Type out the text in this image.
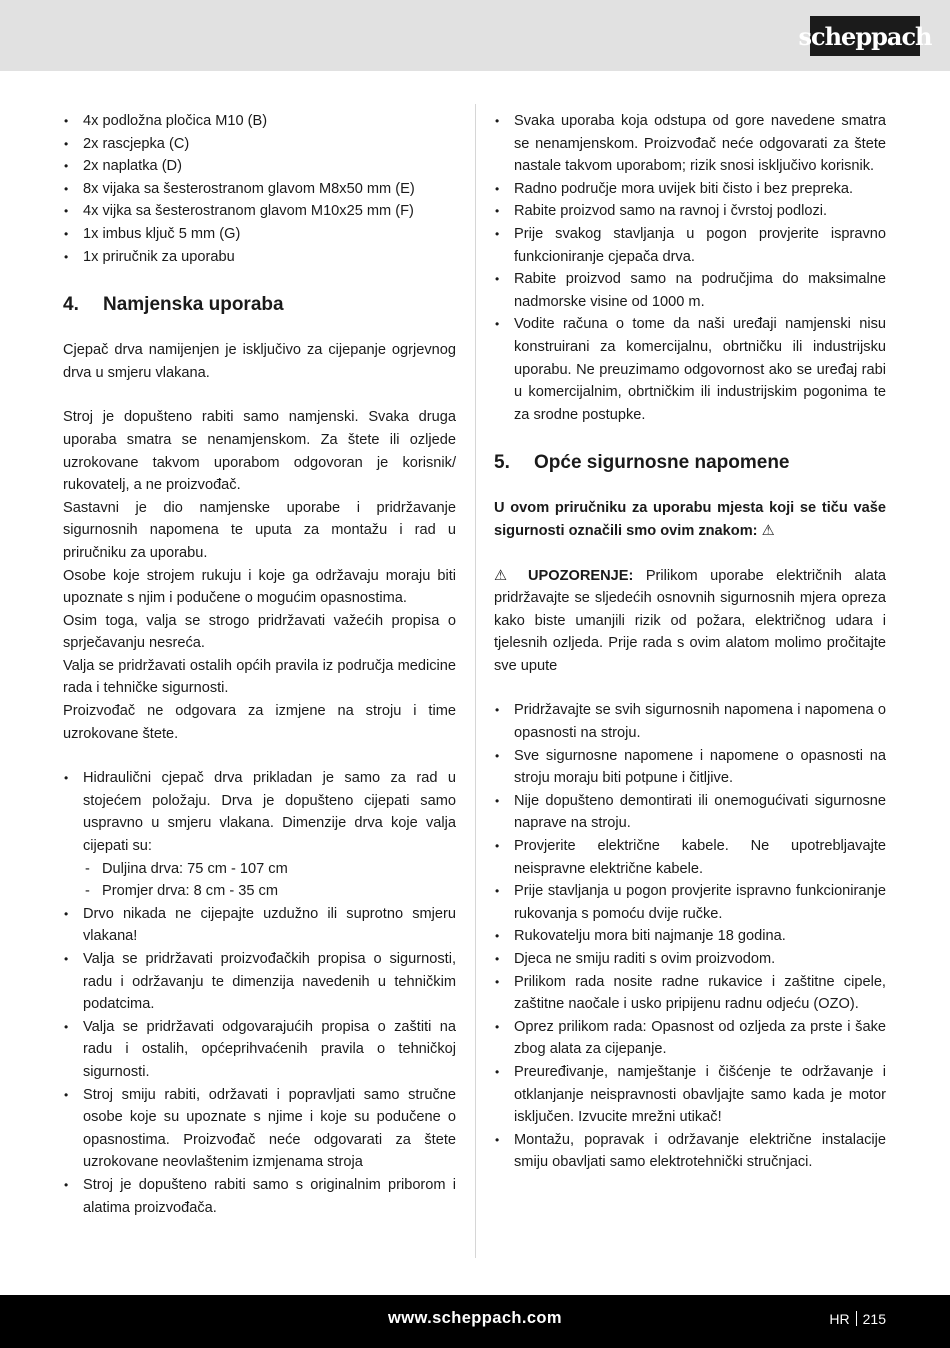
scheppach
• 4x podložna pločica M10 (B)
• 2x rascjepka (C)
• 2x naplatka (D)
• 8x vijaka sa šesterostranom glavom M8x50 mm (E)
• 4x vijka sa šesterostranom glavom M10x25 mm (F)
• 1x imbus ključ 5 mm (G)
• 1x priručnik za uporabu
4.	Namjenska uporaba

Cjepač drva namijenjen je isključivo za cijepanje ogrjevnog drva u smjeru vlakana.

Stroj je dopušteno rabiti samo namjenski. Svaka druga uporaba smatra se nenamjenskom. Za štete ili ozljede uzrokovane takvom uporabom odgovoran je korisnik/ rukovatelj, a ne proizvođač.

Sastavni je dio namjenske uporabe i pridržavanje sigurnosnih napomena te uputa za montažu i rad u priručniku za uporabu.

Osobe koje strojem rukuju i koje ga održavaju moraju biti upoznate s njim i podučene o mogućim opasnostima.

Osim toga, valja se strogo pridržavati važećih propisa o sprječavanju nesreća.

Valja se pridržavati ostalih općih pravila iz područja medicine rada i tehničke sigurnosti.

Proizvođač ne odgovara za izmjene na stroju i time uzrokovane štete.

• Hidraulični cjepač drva prikladan je samo za rad u stojećem položaju. Drva je dopušteno cijepati samo uspravno u smjeru vlakana. Dimenzije drva koje valja cijepati su:
- Duljina drva: 75 cm - 107 cm
- Promjer drva: 8 cm - 35 cm
• Drvo nikada ne cijepajte uzdužno ili suprotno smjeru vlakana!
• Valja se pridržavati proizvođačkih propisa o sigurnosti, radu i održavanju te dimenzija navedenih u tehničkim podatcima.
• Valja se pridržavati odgovarajućih propisa o zaštiti na radu i ostalih, općeprihvaćenih pravila o tehničkoj sigurnosti.
• Stroj smiju rabiti, održavati i popravljati samo stručne osobe koje su upoznate s njime i koje su podučene o opasnostima. Proizvođač neće odgovarati za štete uzrokovane neovlaštenim izmjenama stroja
• Stroj je dopušteno rabiti samo s originalnim priborom i alatima proizvođača.
• Svaka uporaba koja odstupa od gore navedene smatra se nenamjenskom. Proizvođač neće odgovarati za štete nastale takvom uporabom; rizik snosi isključivo korisnik.
• Radno područje mora uvijek biti čisto i bez prepreka.
• Rabite proizvod samo na ravnoj i čvrstoj podlozi.
• Prije svakog stavljanja u pogon provjerite ispravno funkcioniranje cjepača drva.
• Rabite proizvod samo na područjima do maksimalne nadmorske visine od 1000 m.
• Vodite računa o tome da naši uređaji namjenski nisu konstruirani za komercijalnu, obrtničku ili industrijsku uporabu. Ne preuzimamo odgovornost ako se uređaj rabi u komercijalnim, obrtničkim ili industrijskim pogonima te za srodne postupke.
5.	Opće sigurnosne napomene

U ovom priručniku za uporabu mjesta koji se tiču vaše sigurnosti označili smo ovim znakom: ⚠

⚠ UPOZORENJE: Prilikom uporabe električnih alata pridržavajte se sljedećih osnovnih sigurnosnih mjera opreza kako biste umanjili rizik od požara, električnog udara i tjelesnih ozljeda. Prije rada s ovim alatom molimo pročitajte sve upute

• Pridržavajte se svih sigurnosnih napomena i napomena o opasnosti na stroju.
• Sve sigurnosne napomene i napomene o opasnosti na stroju moraju biti potpune i čitljive.
• Nije dopušteno demontirati ili onemogućivati sigurnosne naprave na stroju.
• Provjerite električne kabele. Ne upotrebljavajte neispravne električne kabele.
• Prije stavljanja u pogon provjerite ispravno funkcioniranje rukovanja s pomoću dvije ručke.
• Rukovatelju mora biti najmanje 18 godina.
• Djeca ne smiju raditi s ovim proizvodom.
• Prilikom rada nosite radne rukavice i zaštitne cipele, zaštitne naočale i usko pripijenu radnu odjeću (OZO).
• Oprez prilikom rada: Opasnost od ozljeda za prste i šake zbog alata za cijepanje.
• Preuređivanje, namještanje i čišćenje te održavanje i otklanjanje neispravnosti obavljajte samo kada je motor isključen. Izvucite mrežni utikač!
• Montažu, popravak i održavanje električne instalacije smiju obavljati samo elektrotehnički stručnjaci.
www.scheppach.com	HR 215
